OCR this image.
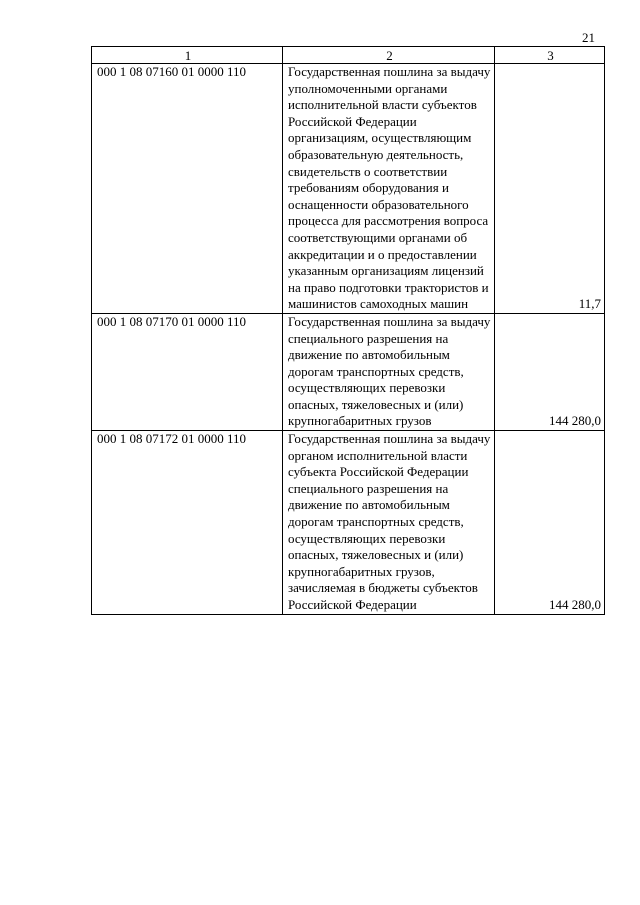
21
1	2	3
000 1 08 07160 01 0000 110	Государственная пошлина за выдачу уполномоченными органами исполнительной власти субъектов Российской Федерации организациям, осуществляющим образовательную деятельность, свидетельств о соответствии требованиям оборудования и оснащенности образовательного процесса для рассмотрения вопроса соответствующими органами об аккредитации и о предоставлении указанным организациям лицензий на право подготовки трактористов и машинистов самоходных машин	11,7
000 1 08 07170 01 0000 110	Государственная пошлина за выдачу специального разрешения на движение по автомобильным дорогам транспортных средств, осуществляющих перевозки опасных, тяжеловесных и (или) крупногабаритных грузов	144 280,0
000 1 08 07172 01 0000 110	Государственная пошлина за выдачу органом исполнительной власти субъекта Российской Федерации специального разрешения на движение по автомобильным дорогам транспортных средств, осуществляющих перевозки опасных, тяжеловесных и (или) крупногабаритных грузов, зачисляемая в бюджеты субъектов Российской Федерации	144 280,0
